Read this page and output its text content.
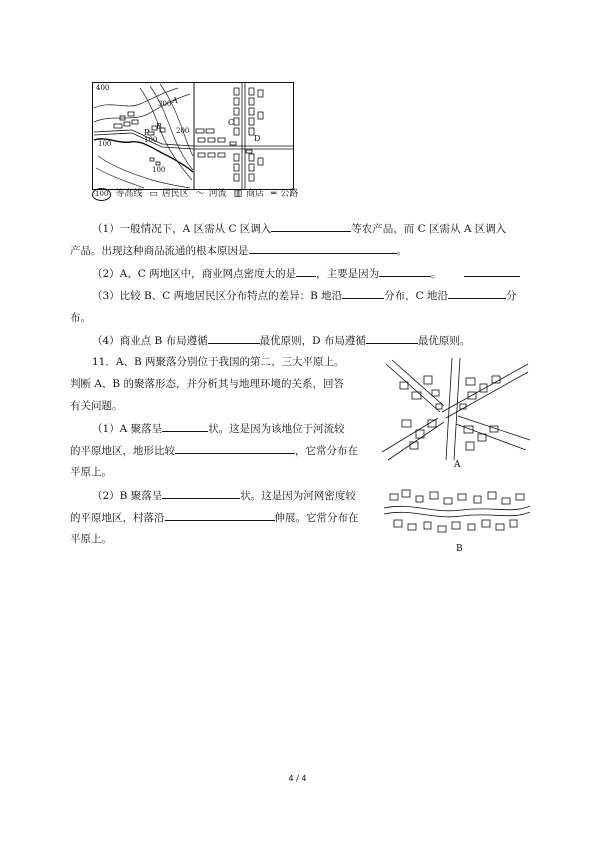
400
300
200
100
100
100
A
B
P
C
D
100 等高线 ▭ 居民区 ～ 河流 ▥ 商店 ═ 公路
（1）一般情况下，A 区需从 C 区调入	等农产品，而 C 区需从 A 区调入
产品。出现这种商品流通的根本原因是	。
（2）A、C 两地区中，商业网点密度大的是 ，主要是因为	。
（3）比较 B、C 两地居民区分布特点的差异：B 地沿	分布，C 地沿	分
布。
（4）商业点 B 布局遵循	最优原则，D 布局遵循	最优原则。
11．A、B 两聚落分别位于我国的第二、三大平原上。
判断 A、B 的聚落形态，并分析其与地理环境的关系，回答
有关问题。
（1）A 聚落呈	状。这是因为该地位于河流较
的平原地区，地形比较	，它常分布在
平原上。
（2）B 聚落呈	状。这是因为河网密度较
的平原地区，村落沿	伸展。它常分布在
平原上。
A
B
4 / 4
